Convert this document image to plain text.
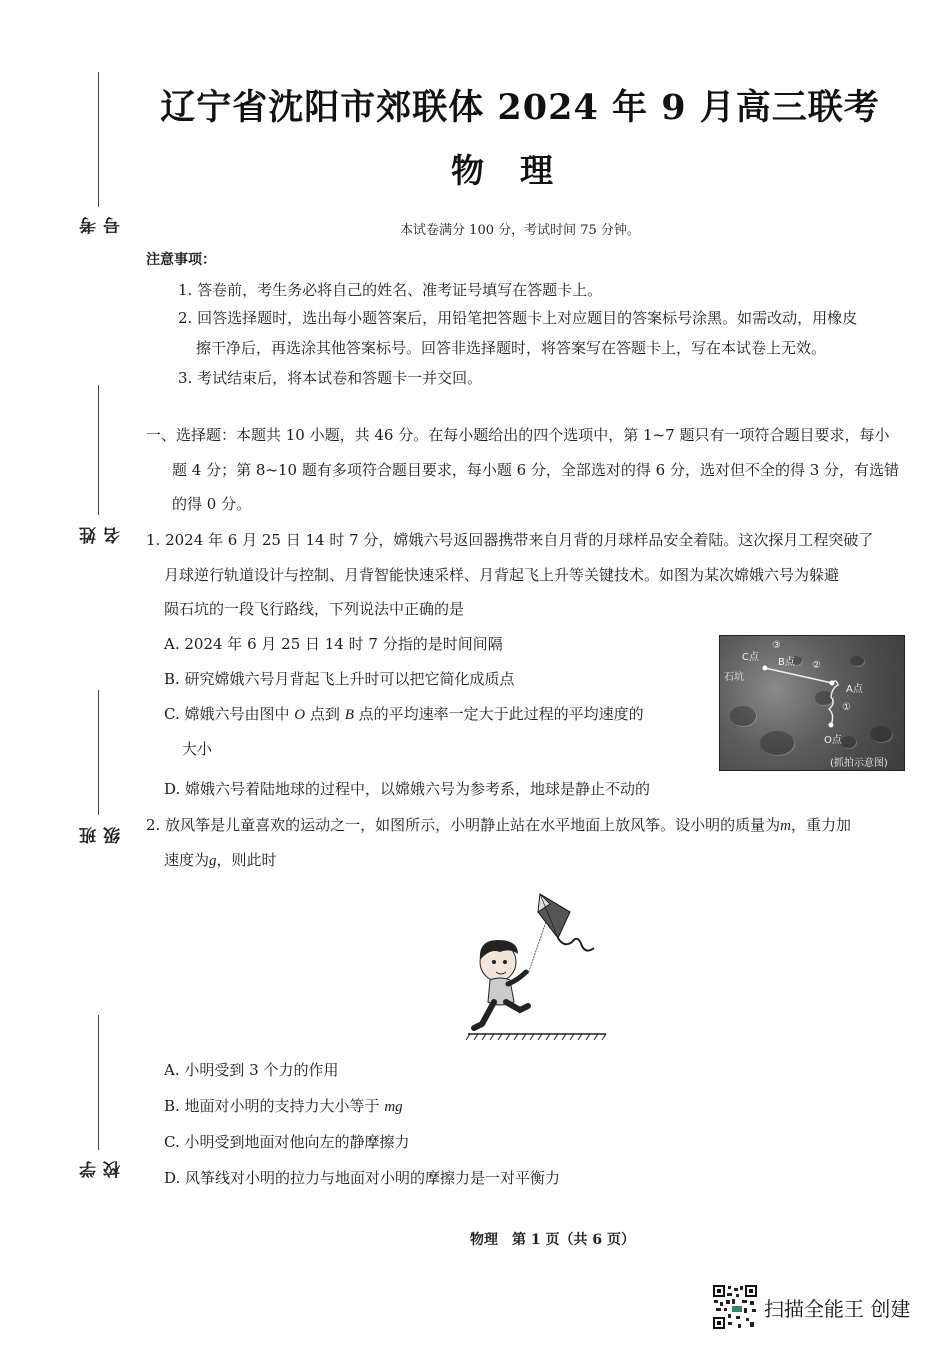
考号
姓名
班级
学校
辽宁省沈阳市郊联体 2024 年 9 月高三联考
物理
本试卷满分 100 分，考试时间 75 分钟。
注意事项：
1. 答卷前，考生务必将自己的姓名、准考证号填写在答题卡上。
2. 回答选择题时，选出每小题答案后，用铅笔把答题卡上对应题目的答案标号涂黑。如需改动，用橡皮
擦干净后，再选涂其他答案标号。回答非选择题时，将答案写在答题卡上，写在本试卷上无效。
3. 考试结束后，将本试卷和答题卡一并交回。
一、选择题：本题共 10 小题，共 46 分。在每小题给出的四个选项中，第 1~7 题只有一项符合题目要求，每小
题 4 分；第 8~10 题有多项符合题目要求，每小题 6 分，全部选对的得 6 分，选对但不全的得 3 分，有选错
的得 0 分。
1. 2024 年 6 月 25 日 14 时 7 分，嫦娥六号返回器携带来自月背的月球样品安全着陆。这次探月工程突破了
月球逆行轨道设计与控制、月背智能快速采样、月背起飞上升等关键技术。如图为某次嫦娥六号为躲避
陨石坑的一段飞行路线，下列说法中正确的是
A. 2024 年 6 月 25 日 14 时 7 分指的是时间间隔
B. 研究嫦娥六号月背起飞上升时可以把它简化成质点
C. 嫦娥六号由图中 O 点到 B 点的平均速率一定大于此过程的平均速度的
大小
D. 嫦娥六号着陆地球的过程中，以嫦娥六号为参考系，地球是静止不动的
C点
③
B点 ②
石坑
A点
①
O点
(抓拍示意图)
2. 放风筝是儿童喜欢的运动之一，如图所示，小明静止站在水平地面上放风筝。设小明的质量为m，重力加
速度为g，则此时
A. 小明受到 3 个力的作用
B. 地面对小明的支持力大小等于 mg
C. 小明受到地面对他向左的静摩擦力
D. 风筝线对小明的拉力与地面对小明的摩擦力是一对平衡力
物理　第 1 页（共 6 页）
扫描全能王 创建
